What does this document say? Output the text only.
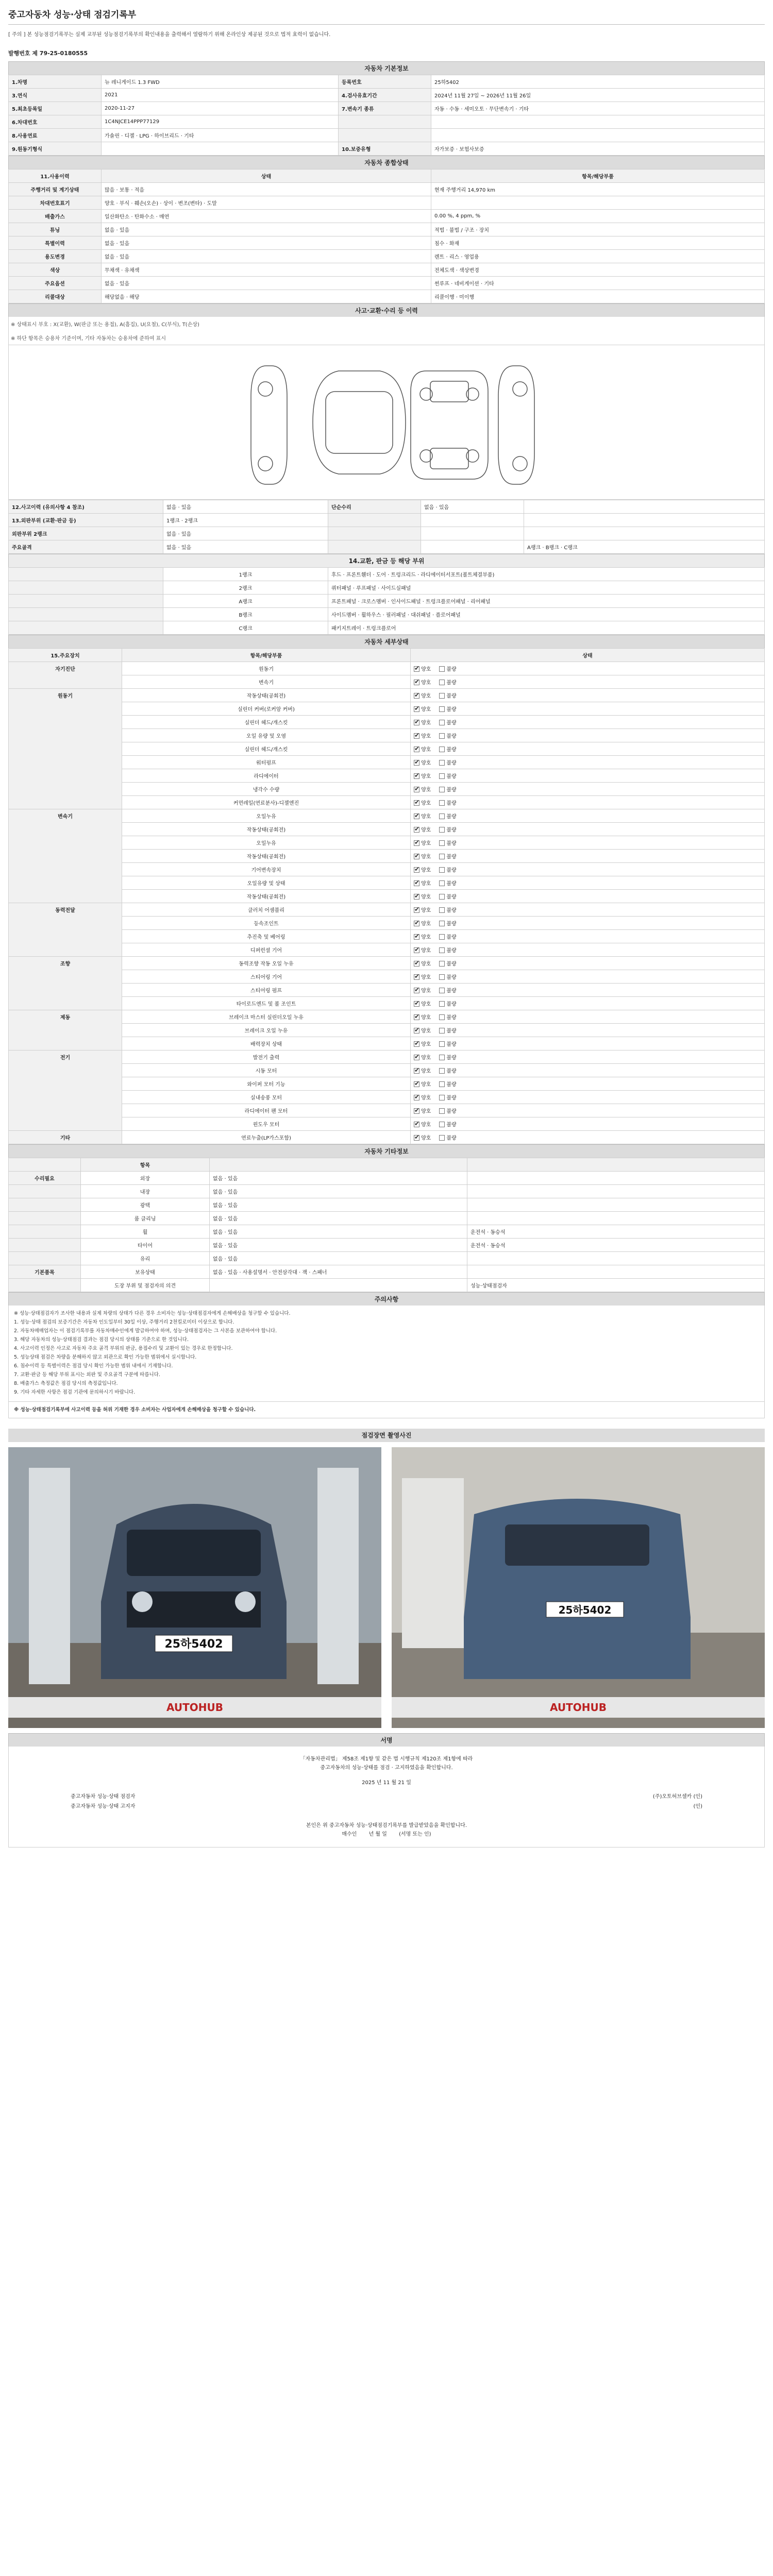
중고자동차 성능·상태 점검기록부
[ 주의 ] 본 성능점검기록부는 실제 교부된 성능점검기록부의 확인내용을 출력해서 열람하기 위해 온라인상 제공된 것으로 법적 효력이 없습니다.
발행번호 제 79-25-0180555
자동차 기본정보
1.차명	뉴 레니게이드 1.3 FWD	등록번호	25하5402
3.연식	2021	4.검사유효기간	2024년 11월 27일 ~ 2026년 11월 26일
5.최초등록일	2020-11-27	7.변속기 종류	자동 · 수동 · 세미오토 · 무단변속기 · 기타
6.차대번호	1C4NJCE14PPP77129		
8.사용연료	가솔린 · 디젤 · LPG · 하이브리드 · 기타		
9.원동기형식		10.보증유형	자가보증 · 보험사보증
자동차 종합상태
11.사용이력	상태	항목/해당부품
주행거리 및 계기상태	많음 · 보통 · 적음	현재 주행거리 14,970 km
차대번호표기	양호 · 부식 · 훼손(오손) · 상이 · 변조(변타) · 도말	
배출가스	일산화탄소 · 탄화수소 · 매연	0.00 %, 4 ppm, %
튜닝	없음 · 있음	적법 · 불법 / 구조 · 장치
특별이력	없음 · 있음	침수 · 화재
용도변경	없음 · 있음	렌트 · 리스 · 영업용
색상	무채색 · 유채색	전체도색 · 색상변경
주요옵션	없음 · 있음	썬루프 · 네비게이션 · 기타
리콜대상	해당없음 · 해당	리콜이행 · 미이행
사고·교환·수리 등 이력
※ 상태표시 부호 : X(교환), W(판금 또는 용접), A(흠집), U(요철), C(부식), T(손상)
※ 하단 항목은 승용차 기준이며, 기타 자동차는 승용차에 준하여 표시
12.사고이력 (유의사항 4 참조)	없음 · 있음	단순수리	없음 · 있음	
13.외판부위 (교환·판금 등)	1랭크 · 2랭크			
외판부위 2랭크	없음 · 있음			
주요골격	없음 · 있음			A랭크 · B랭크 · C랭크
14.교환, 판금 등 해당 부위
	1랭크	후드 · 프론트휀더 · 도어 · 트렁크리드 · 라디에이터서포트(볼트체결부품)
	2랭크	쿼터패널 · 루프패널 · 사이드실패널
	A랭크	프론트패널 · 크로스멤버 · 인사이드패널 · 트렁크플로어패널 · 리어패널
	B랭크	사이드멤버 · 휠하우스 · 필러패널 · 대쉬패널 · 플로어패널
	C랭크	패키지트레이 · 트렁크플로어
자동차 세부상태
15.주요장치	항목/해당부품	상태
자기진단	원동기	✔양호 불량
	변속기	✔양호 불량
원동기	작동상태(공회전)	✔양호 불량
	실린더 커버(로커암 커버)	✔양호 불량
	실린더 헤드/개스킷	✔양호 불량
	오일 유량 및 오염	✔양호 불량
	실린더 헤드/개스킷	✔양호 불량
	워터펌프	✔양호 불량
	라디에이터	✔양호 불량
	냉각수 수량	✔양호 불량
	커먼레일(연료분사)-디젤엔진	✔양호 불량
변속기	오일누유	✔양호 불량
	작동상태(공회전)	✔양호 불량
	오일누유	✔양호 불량
	작동상태(공회전)	✔양호 불량
	기어변속장치	✔양호 불량
	오일유량 및 상태	✔양호 불량
	작동상태(공회전)	✔양호 불량
동력전달	클러치 어셈블리	✔양호 불량
	등속조인트	✔양호 불량
	추진축 및 베어링	✔양호 불량
	디퍼런셜 기어	✔양호 불량
조향	동력조향 작동 오일 누유	✔양호 불량
	스티어링 기어	✔양호 불량
	스티어링 펌프	✔양호 불량
	타이로드엔드 및 볼 조인트	✔양호 불량
제동	브레이크 마스터 실린더오일 누유	✔양호 불량
	브레이크 오일 누유	✔양호 불량
	배력장치 상태	✔양호 불량
전기	발전기 출력	✔양호 불량
	시동 모터	✔양호 불량
	와이퍼 모터 기능	✔양호 불량
	실내송풍 모터	✔양호 불량
	라디에이터 팬 모터	✔양호 불량
	윈도우 모터	✔양호 불량
기타	연료누출(LP가스포함)	✔양호 불량
자동차 기타정보
	항목		
수리필요	외장	없음 · 있음	
	내장	없음 · 있음	
	광택	없음 · 있음	
	룸 클리닝	없음 · 있음	
	휠	없음 · 있음	운전석 · 동승석
	타이어	없음 · 있음	운전석 · 동승석
	유리	없음 · 있음	
기본품목	보유상태	없음 · 있음 · 사용설명서 · 안전삼각대 · 잭 · 스패너	
	도장 부위 및 점검자의 의견		성능·상태점검자
주의사항

※ 성능·상태점검자가 조사한 내용과 실제 차량의 상태가 다른 경우 소비자는 성능·상태점검자에게 손해배상을 청구할 수 있습니다.

1. 성능·상태 점검의 보증기간은 자동차 인도일부터 30일 이상, 주행거리 2천킬로미터 이상으로 합니다.

2. 자동차매매업자는 이 점검기록부를 자동차매수인에게 발급하여야 하며, 성능·상태점검자는 그 사본을 보관하여야 합니다.

3. 해당 자동차의 성능·상태점검 결과는 점검 당시의 상태를 기준으로 한 것입니다.

4. 사고이력 인정은 사고로 자동차 주요 골격 부위의 판금, 용접수리 및 교환이 있는 경우로 한정합니다.

5. 성능상태 점검은 차량을 분해하지 않고 외관으로 확인 가능한 범위에서 실시합니다.

6. 침수이력 등 특별이력은 점검 당시 확인 가능한 범위 내에서 기재합니다.

7. 교환·판금 등 해당 부위 표시는 외판 및 주요골격 구분에 따릅니다.

8. 배출가스 측정값은 점검 당시의 측정값입니다.

9. 기타 자세한 사항은 점검 기관에 문의하시기 바랍니다.

※ 성능·상태점검기록부에 사고이력 등을 허위 기재한 경우 소비자는 사업자에게 손해배상을 청구할 수 있습니다.
점검장면 촬영사진
25하5402
AUTOHUB
25하5402
AUTOHUB
서명
「자동차관리법」 제58조 제1항 및 같은 법 시행규칙 제120조 제1항에 따라
중고자동차의 성능·상태를 점검 · 고지하였음을 확인합니다.
2025 년 11 월 21 일
중고자동차 성능·상태 점검자	(주)오토허브셀카 (인)
중고자동차 성능·상태 고지자	(인)
본인은 위 중고자동차 성능·상태점검기록부를 발급받았음을 확인합니다.
매수인 년 월 일 (서명 또는 인)
